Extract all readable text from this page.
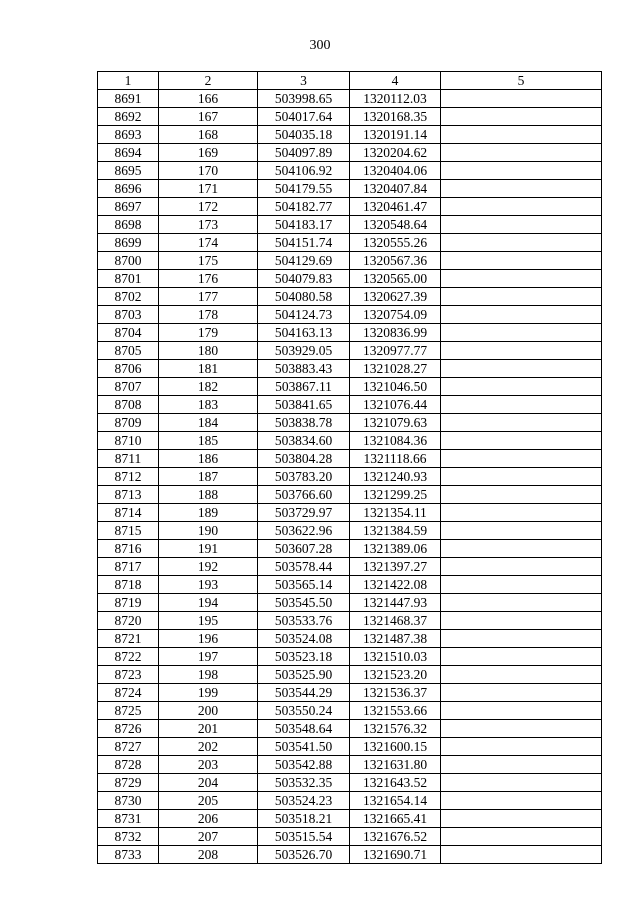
300
1	2	3	4	5
8691	166	503998.65	1320112.03	
8692	167	504017.64	1320168.35	
8693	168	504035.18	1320191.14	
8694	169	504097.89	1320204.62	
8695	170	504106.92	1320404.06	
8696	171	504179.55	1320407.84	
8697	172	504182.77	1320461.47	
8698	173	504183.17	1320548.64	
8699	174	504151.74	1320555.26	
8700	175	504129.69	1320567.36	
8701	176	504079.83	1320565.00	
8702	177	504080.58	1320627.39	
8703	178	504124.73	1320754.09	
8704	179	504163.13	1320836.99	
8705	180	503929.05	1320977.77	
8706	181	503883.43	1321028.27	
8707	182	503867.11	1321046.50	
8708	183	503841.65	1321076.44	
8709	184	503838.78	1321079.63	
8710	185	503834.60	1321084.36	
8711	186	503804.28	1321118.66	
8712	187	503783.20	1321240.93	
8713	188	503766.60	1321299.25	
8714	189	503729.97	1321354.11	
8715	190	503622.96	1321384.59	
8716	191	503607.28	1321389.06	
8717	192	503578.44	1321397.27	
8718	193	503565.14	1321422.08	
8719	194	503545.50	1321447.93	
8720	195	503533.76	1321468.37	
8721	196	503524.08	1321487.38	
8722	197	503523.18	1321510.03	
8723	198	503525.90	1321523.20	
8724	199	503544.29	1321536.37	
8725	200	503550.24	1321553.66	
8726	201	503548.64	1321576.32	
8727	202	503541.50	1321600.15	
8728	203	503542.88	1321631.80	
8729	204	503532.35	1321643.52	
8730	205	503524.23	1321654.14	
8731	206	503518.21	1321665.41	
8732	207	503515.54	1321676.52	
8733	208	503526.70	1321690.71	
